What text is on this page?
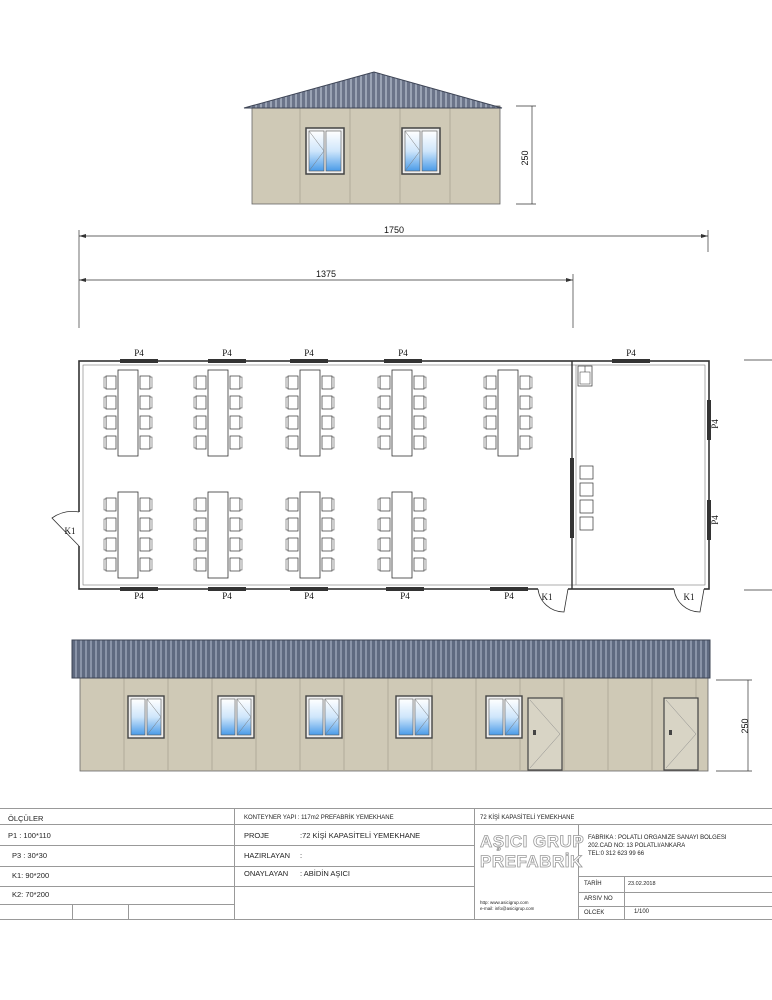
250
1750
1375
P4	P4	P4	P4	P4
P4	P4	P4	P4	P4
P4
P4
K1
K1	K1
250
ÖLÇÜLER
P1 : 100*110
P3 : 30*30
K1: 90*200
K2: 70*200
KONTEYNER YAPI : 117m2 PREFABRİK YEMEKHANE
PROJE	:72 KİŞİ KAPASİTELİ YEMEKHANE
HAZIRLAYAN :
ONAYLAYAN : ABİDİN AŞICI
72 KİŞİ KAPASİTELİ YEMEKHANE
AŞICI GRUP
PREFABRİK
FABRİKA : POLATLI ORGANİZE SANAYİ BÖLGESİ
202.CAD NO: 13 POLATLI/ANKARA
TEL:0 312 623 99 66
http: www.asicigrup.com
e-mail: info@asicigrup.com
TARİH	23.02.2018
ARSIV NO
OLCEK	1/100
